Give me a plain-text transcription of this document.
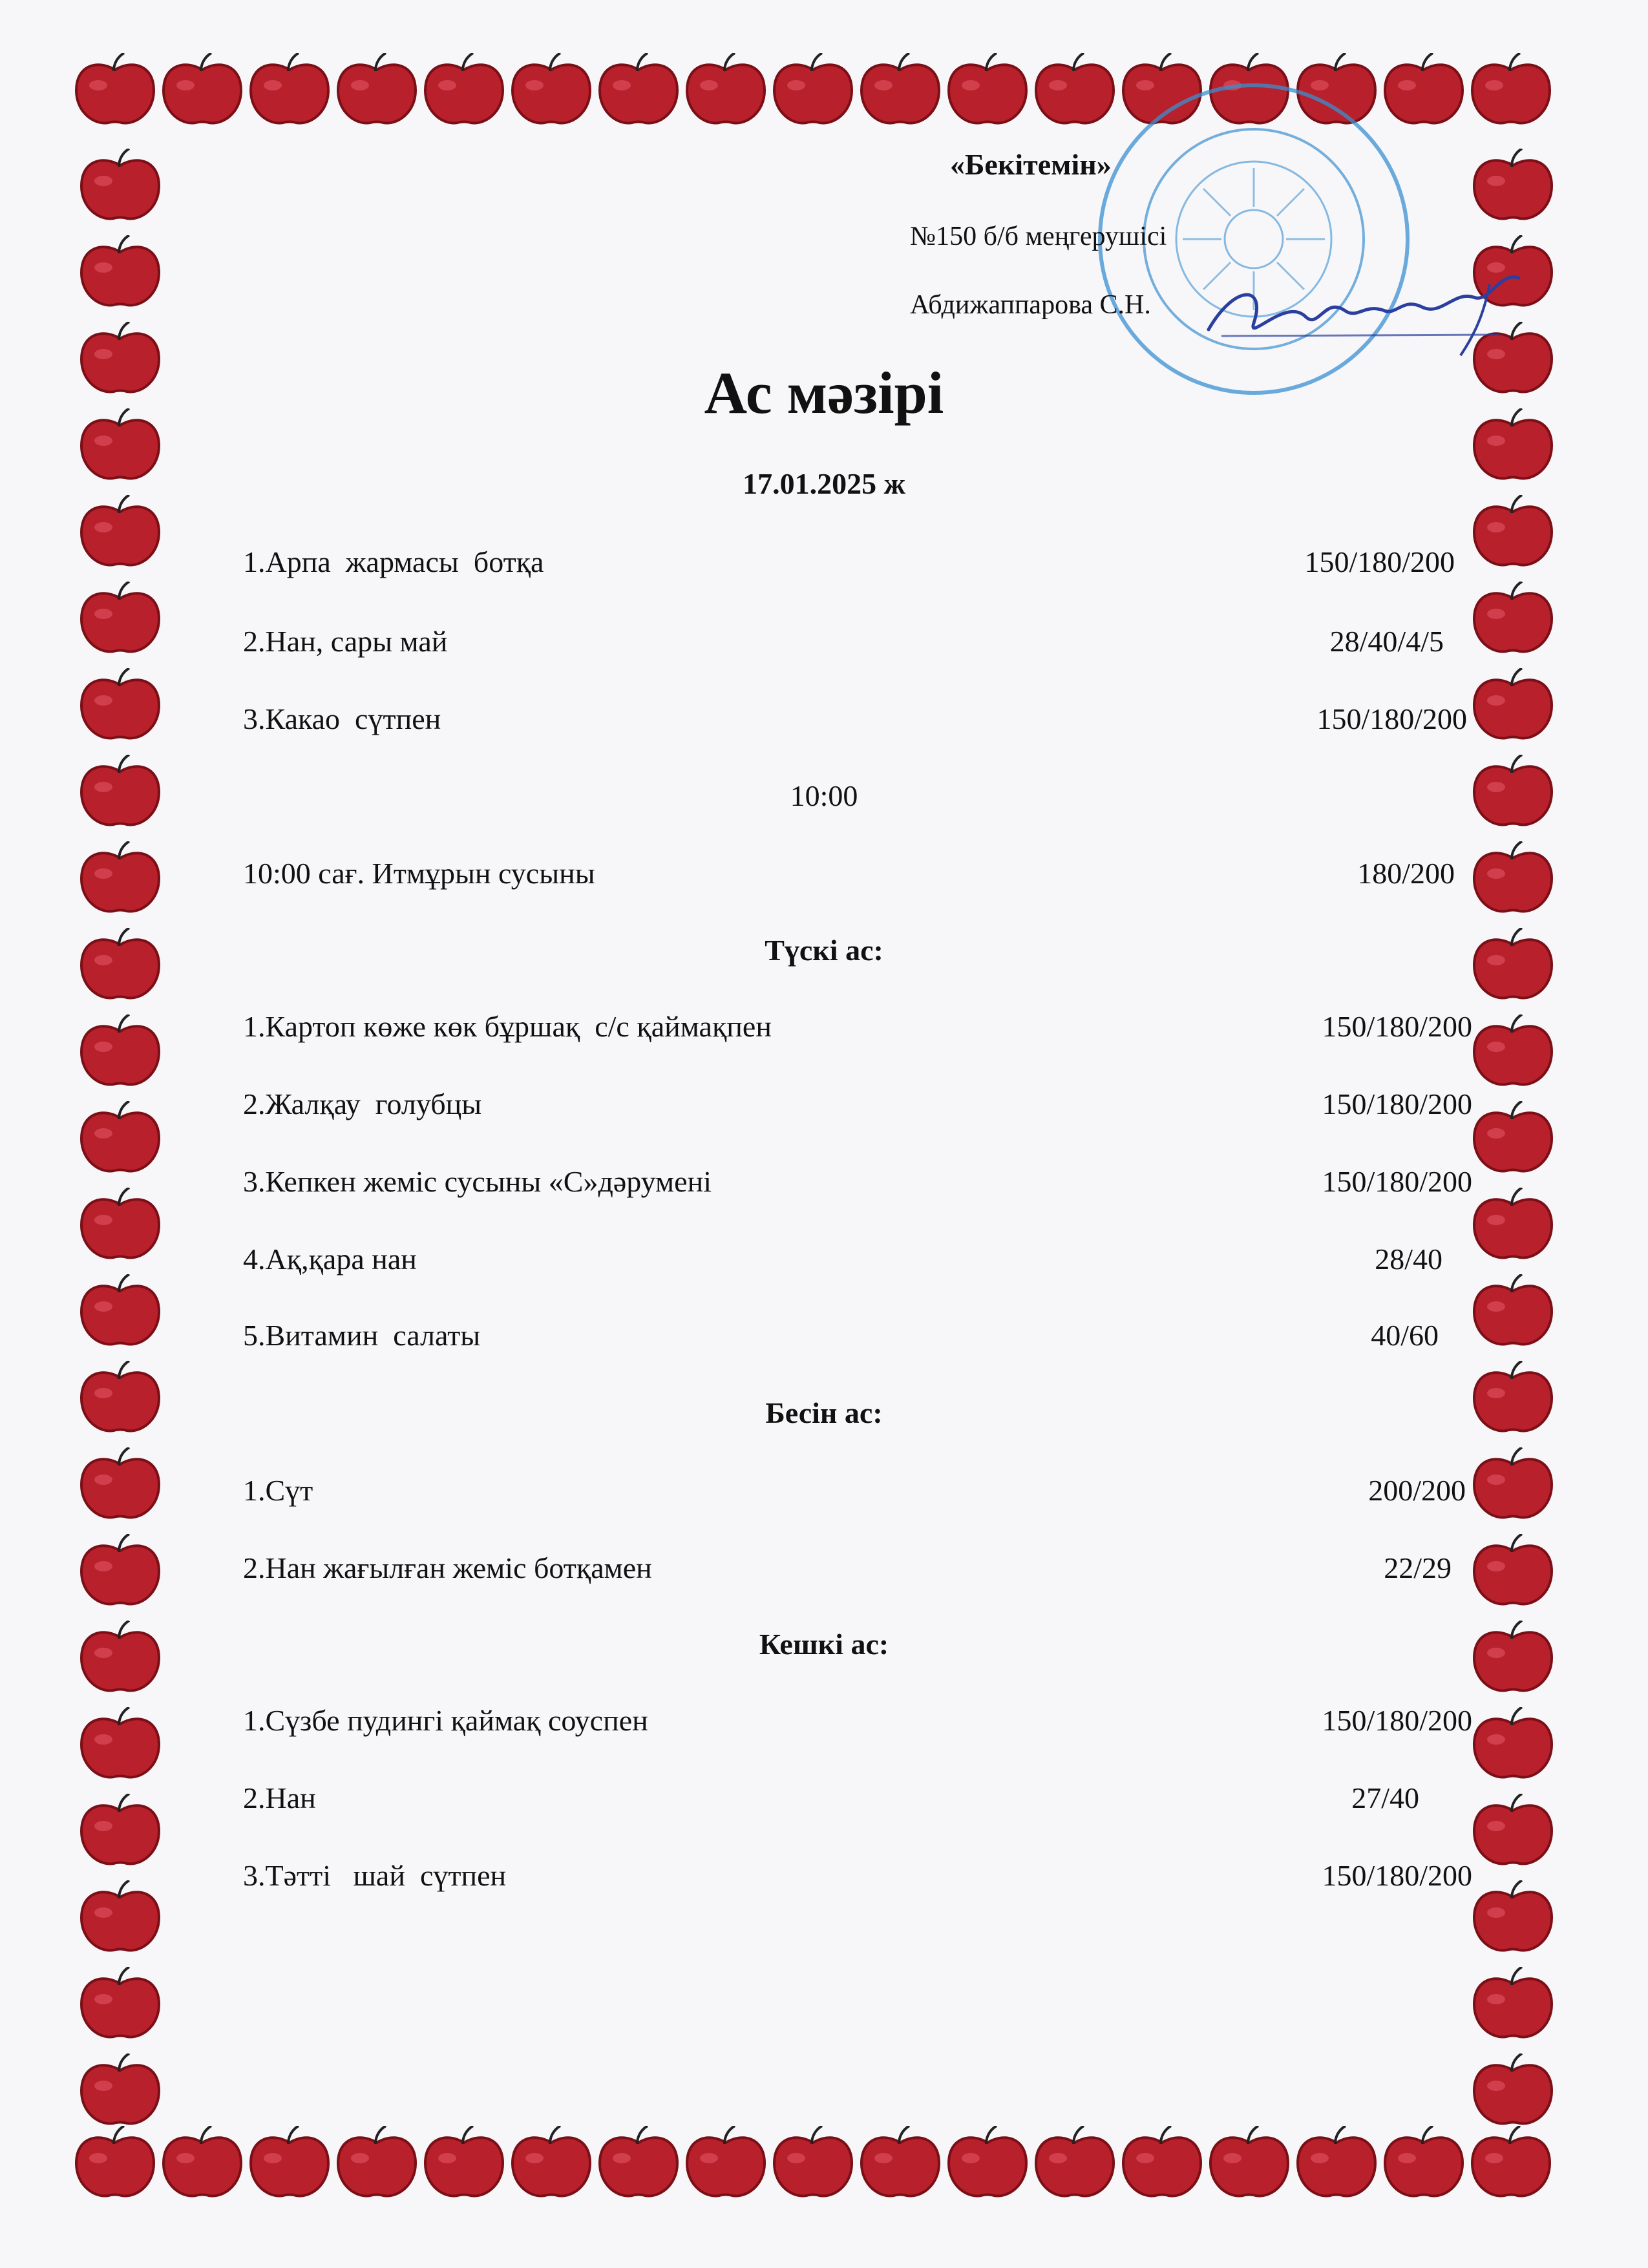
«Бекітемін»
№150 б/б меңгерушісі
Абдижаппарова С.Н.
Ас мәзірі
17.01.2025 ж
1.Арпа  жармасы  ботқа	150/180/200
2.Нан, сары май	28/40/4/5
3.Какао  сүтпен	150/180/200
10:00
10:00 сағ. Итмұрын сусыны	180/200
Түскі ас:
1.Картоп көже көк бұршақ  с/с қаймақпен	150/180/200
2.Жалқау  голубцы	150/180/200
3.Кепкен жеміс сусыны «С»дәрумені	150/180/200
4.Ақ,қара нан	28/40
5.Витамин  салаты	40/60
Бесін ас:
1.Сүт	200/200
2.Нан жағылған жеміс ботқамен	22/29
Кешкі ас:
1.Сүзбе пудингі қаймақ соуспен	150/180/200
2.Нан	27/40
3.Тәтті   шай  сүтпен	150/180/200
